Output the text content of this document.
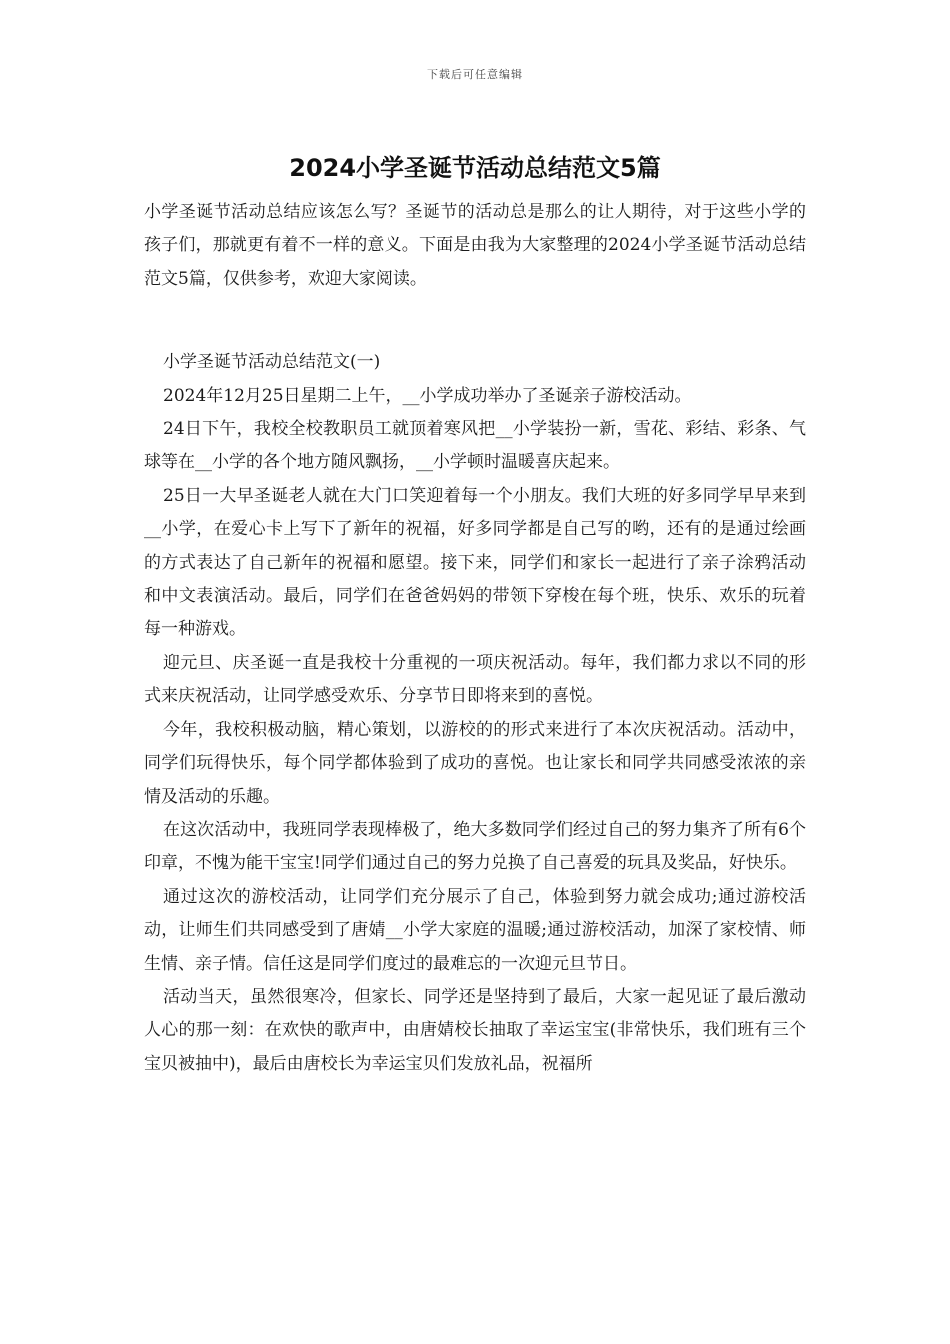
下载后可任意编辑
2024小学圣诞节活动总结范文5篇

小学圣诞节活动总结应该怎么写？圣诞节的活动总是那么的让人期待，对于这些小学的孩子们，那就更有着不一样的意义。下面是由我为大家整理的2024小学圣诞节活动总结范文5篇，仅供参考，欢迎大家阅读。

小学圣诞节活动总结范文(一)

2024年12月25日星期二上午，__小学成功举办了圣诞亲子游校活动。

24日下午，我校全校教职员工就顶着寒风把__小学装扮一新，雪花、彩结、彩条、气球等在__小学的各个地方随风飘扬，__小学顿时温暖喜庆起来。

25日一大早圣诞老人就在大门口笑迎着每一个小朋友。我们大班的好多同学早早来到__小学，在爱心卡上写下了新年的祝福，好多同学都是自己写的哟，还有的是通过绘画的方式表达了自己新年的祝福和愿望。接下来，同学们和家长一起进行了亲子涂鸦活动和中文表演活动。最后，同学们在爸爸妈妈的带领下穿梭在每个班，快乐、欢乐的玩着每一种游戏。

迎元旦、庆圣诞一直是我校十分重视的一项庆祝活动。每年，我们都力求以不同的形式来庆祝活动，让同学感受欢乐、分享节日即将来到的喜悦。

今年，我校积极动脑，精心策划，以游校的的形式来进行了本次庆祝活动。活动中，同学们玩得快乐，每个同学都体验到了成功的喜悦。也让家长和同学共同感受浓浓的亲情及活动的乐趣。

在这次活动中，我班同学表现棒极了，绝大多数同学们经过自己的努力集齐了所有6个印章，不愧为能干宝宝!同学们通过自己的努力兑换了自己喜爱的玩具及奖品，好快乐。

通过这次的游校活动，让同学们充分展示了自己，体验到努力就会成功;通过游校活动，让师生们共同感受到了唐婧__小学大家庭的温暖;通过游校活动，加深了家校情、师生情、亲子情。信任这是同学们度过的最难忘的一次迎元旦节日。

活动当天，虽然很寒冷，但家长、同学还是坚持到了最后，大家一起见证了最后激动人心的那一刻：在欢快的歌声中，由唐婧校长抽取了幸运宝宝(非常快乐，我们班有三个宝贝被抽中)，最后由唐校长为幸运宝贝们发放礼品，祝福所
